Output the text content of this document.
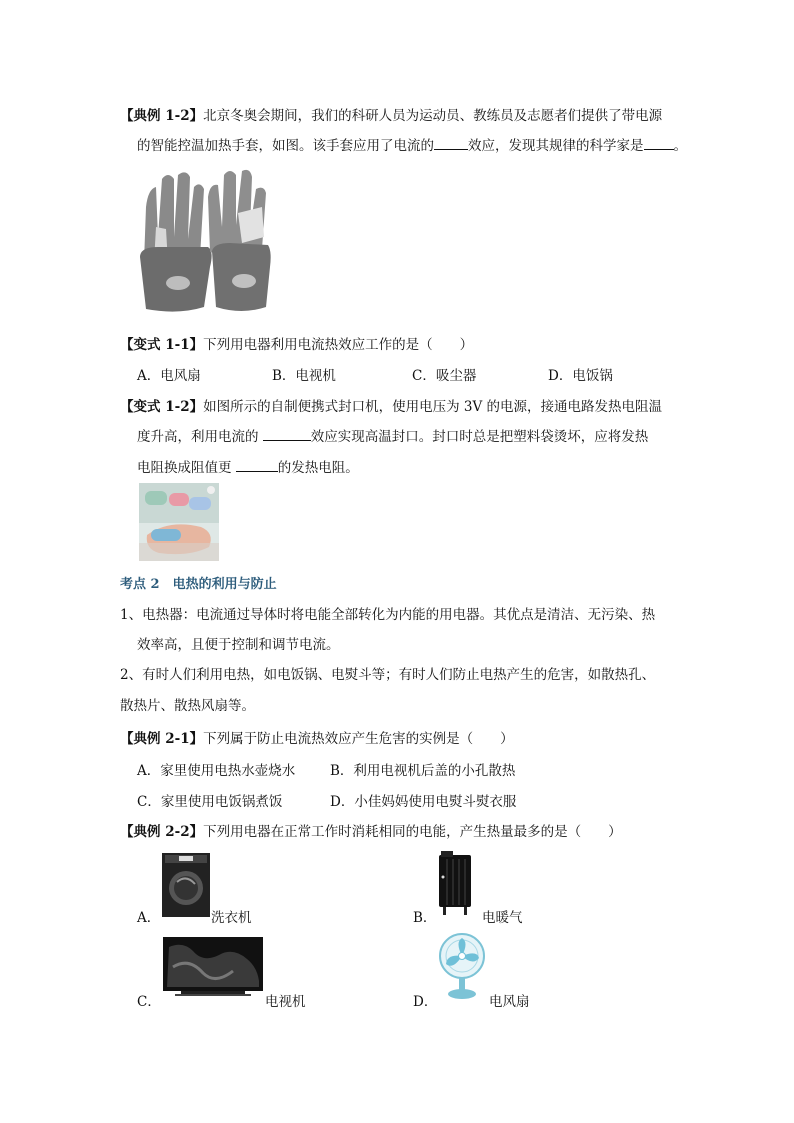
【典例 1-2】北京冬奥会期间，我们的科研人员为运动员、教练员及志愿者们提供了带电源
的智能控温加热手套，如图。该手套应用了电流的	效应，发现其规律的科学家是 。
【变式 1-1】下列用电器利用电流热效应工作的是（　　）
A．电风扇	B．电视机	C．吸尘器	D．电饭锅
【变式 1-2】如图所示的自制便携式封口机，使用电压为 3V 的电源，接通电路发热电阻温
度升高，利用电流的	效应实现高温封口。封口时总是把塑料袋烫坏，应将发热
电阻换成阻值更	的发热电阻。
考点 2　电热的利用与防止
1、电热器：电流通过导体时将电能全部转化为内能的用电器。其优点是清洁、无污染、热
效率高，且便于控制和调节电流。
2、有时人们利用电热，如电饭锅、电熨斗等；有时人们防止电热产生的危害，如散热孔、
散热片、散热风扇等。
【典例 2-1】下列属于防止电流热效应产生危害的实例是（　　）
A．家里使用电热水壶烧水	B．利用电视机后盖的小孔散热
C．家里使用电饭锅煮饭	D．小佳妈妈使用电熨斗熨衣服
【典例 2-2】下列用电器在正常工作时消耗相同的电能，产生热量最多的是（　　）
A．	洗衣机	B．	电暖气
C．	电视机	D．	电风扇
